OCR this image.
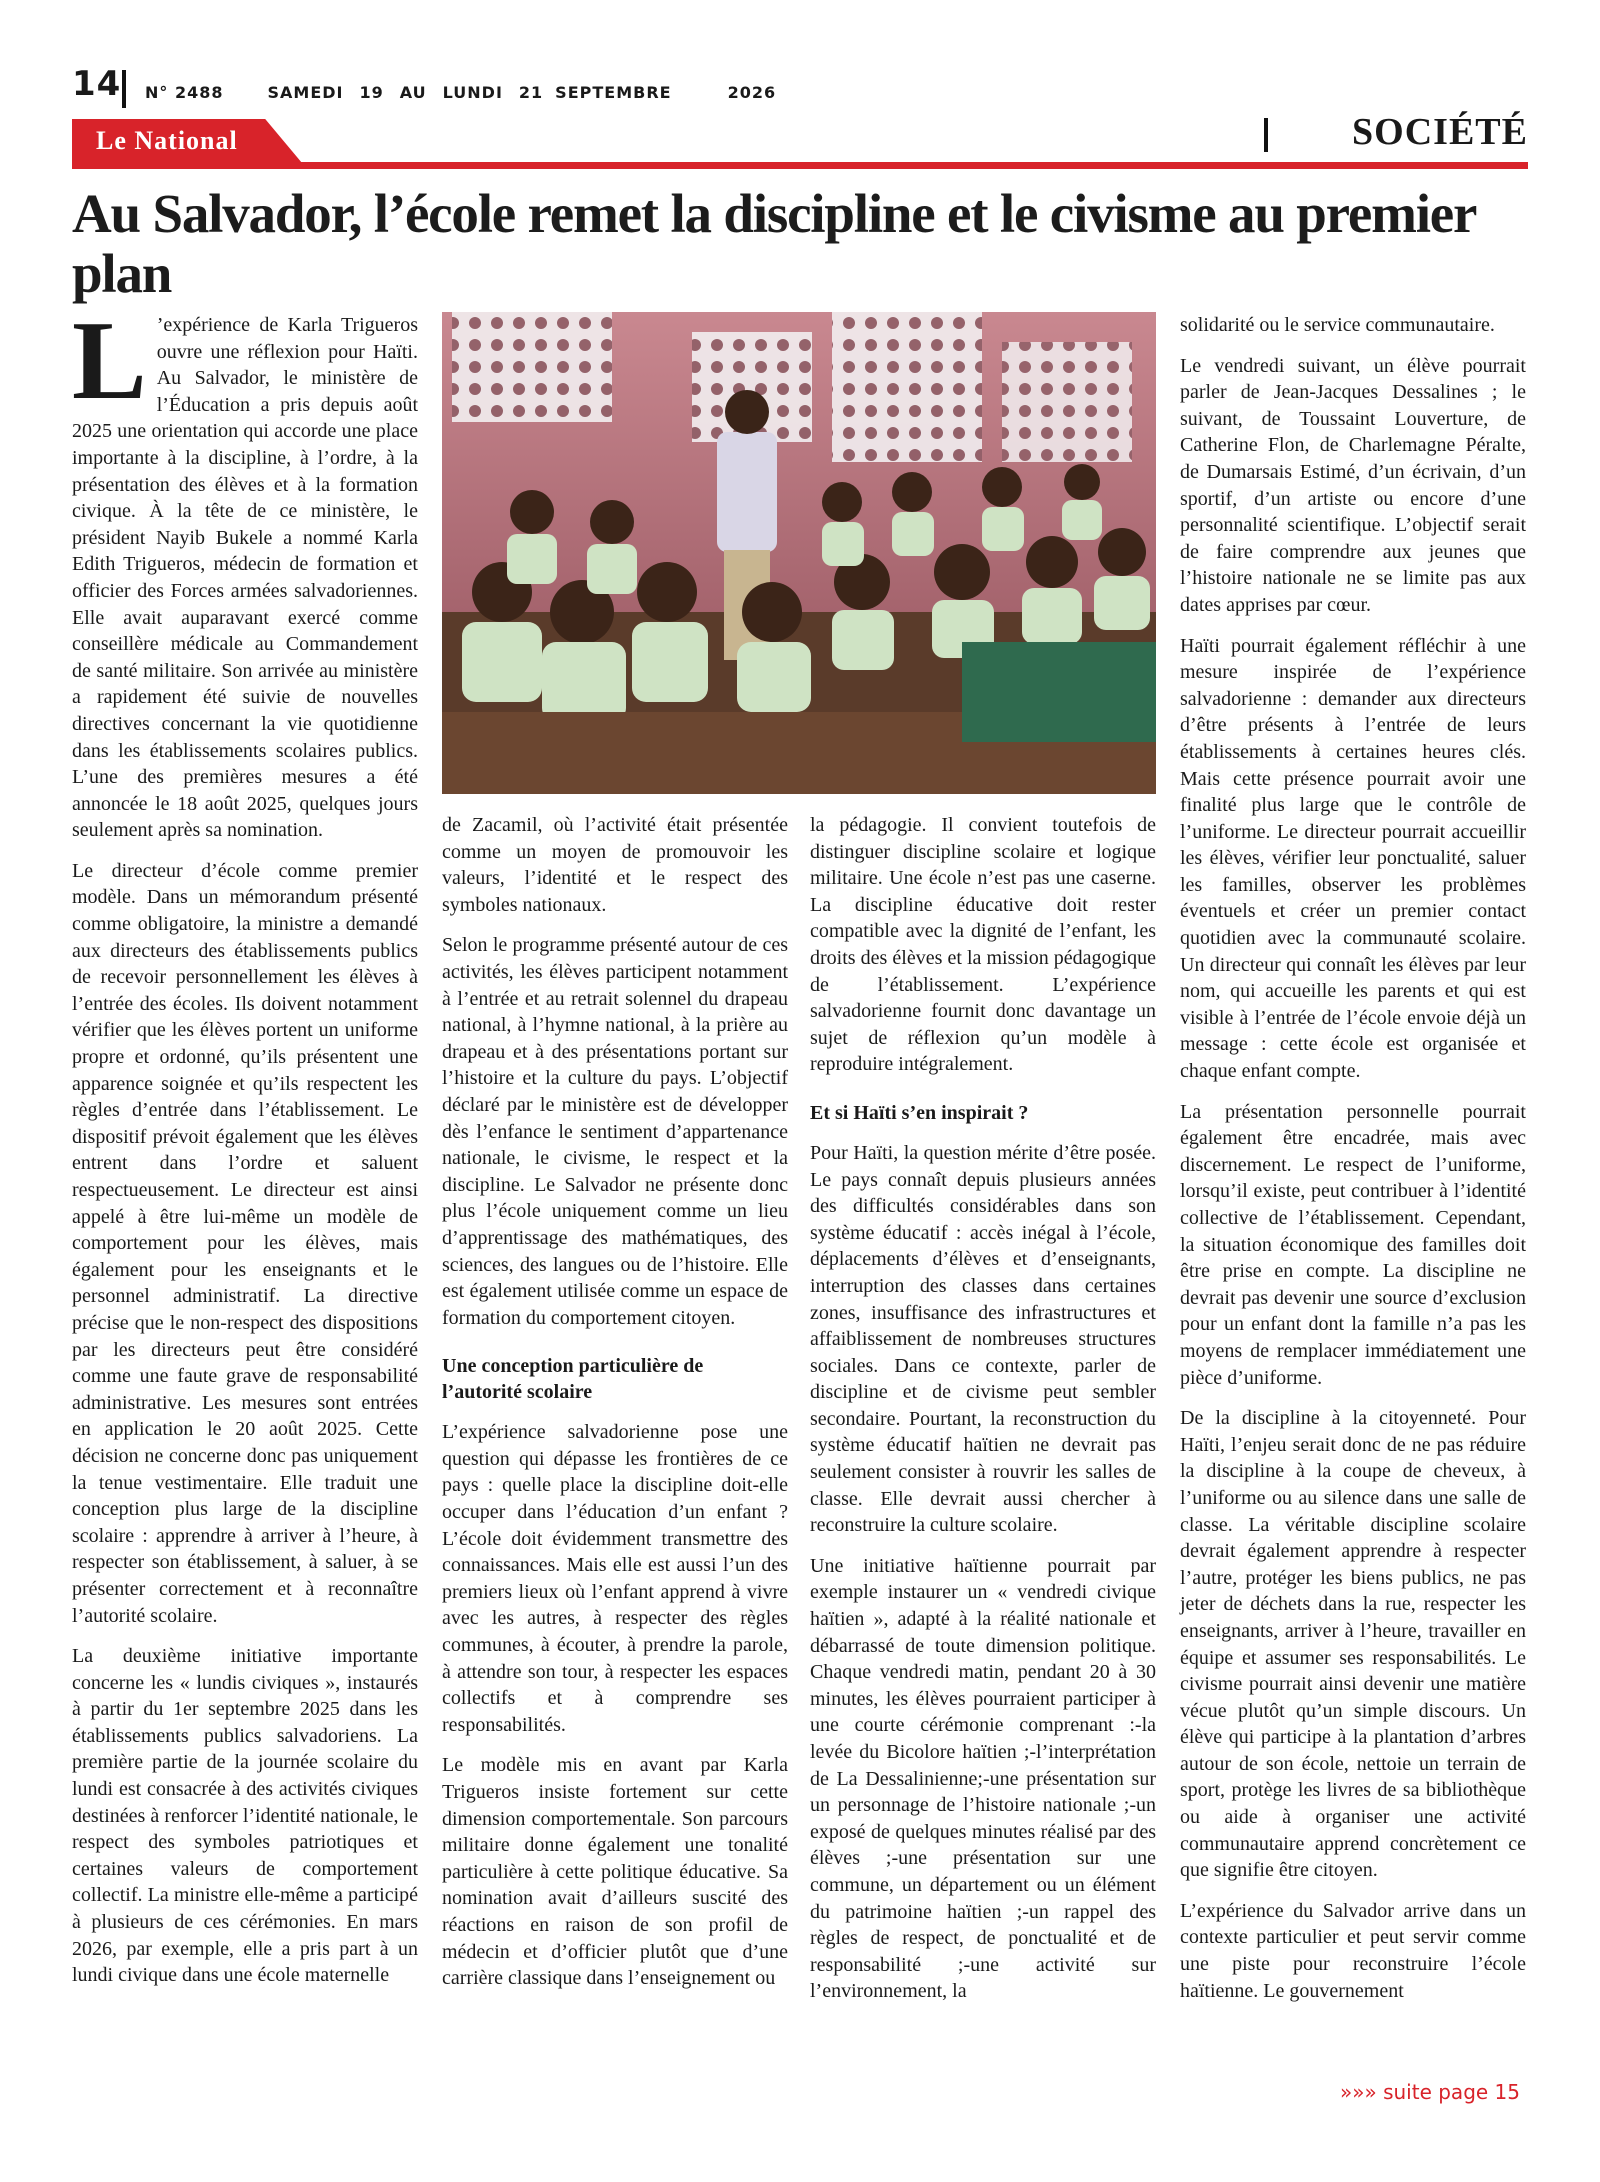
14 N° 2488	SAMEDI 19 AU LUNDI 21 SEPTEMBRE	2026
Le National	SOCIÉTÉ
Au Salvador, l’école remet la discipline et le civisme au premier plan

L ’expérience de Karla Trigueros ouvre une réflexion pour Haïti. Au Salvador, le ministère de l’Éducation a pris depuis août 2025 une orientation qui accorde une place importante à la discipline, à l’ordre, à la présentation des élèves et à la formation civique. À la tête de ce ministère, le président Nayib Bukele a nommé Karla Edith Trigueros, médecin de formation et officier des Forces armées salvadoriennes. Elle avait auparavant exercé comme conseillère médicale au Commandement de santé militaire. Son arrivée au ministère a rapidement été suivie de nouvelles directives concernant la vie quotidienne dans les établissements scolaires publics. L’une des premières mesures a été annoncée le 18 août 2025, quelques jours seulement après sa nomination.

Le directeur d’école comme premier modèle. Dans un mémorandum présenté comme obligatoire, la ministre a demandé aux directeurs des établissements publics de recevoir personnellement les élèves à l’entrée des écoles. Ils doivent notamment vérifier que les élèves portent un uniforme propre et ordonné, qu’ils présentent une apparence soignée et qu’ils respectent les règles d’entrée dans l’établissement. Le dispositif prévoit également que les élèves entrent dans l’ordre et saluent respectueusement. Le directeur est ainsi appelé à être lui-même un modèle de comportement pour les élèves, mais également pour les enseignants et le personnel administratif. La directive précise que le non-respect des dispositions par les directeurs peut être considéré comme une faute grave de responsabilité administrative. Les mesures sont entrées en application le 20 août 2025. Cette décision ne concerne donc pas uniquement la tenue vestimentaire. Elle traduit une conception plus large de la discipline scolaire : apprendre à arriver à l’heure, à respecter son établissement, à saluer, à se présenter correctement et à reconnaître l’autorité scolaire.

La deuxième initiative importante concerne les « lundis civiques », instaurés à partir du 1er septembre 2025 dans les établissements publics salvadoriens. La première partie de la journée scolaire du lundi est consacrée à des activités civiques destinées à renforcer l’identité nationale, le respect des symboles patriotiques et certaines valeurs de comportement collectif. La ministre elle-même a participé à plusieurs de ces cérémonies. En mars 2026, par exemple, elle a pris part à un lundi civique dans une école maternelle

de Zacamil, où l’activité était présentée comme un moyen de promouvoir les valeurs, l’identité et le respect des symboles nationaux.

Selon le programme présenté autour de ces activités, les élèves participent notamment à l’entrée et au retrait solennel du drapeau national, à l’hymne national, à la prière au drapeau et à des présentations portant sur l’histoire et la culture du pays. L’objectif déclaré par le ministère est de développer dès l’enfance le sentiment d’appartenance nationale, le civisme, le respect et la discipline. Le Salvador ne présente donc plus l’école uniquement comme un lieu d’apprentissage des mathématiques, des sciences, des langues ou de l’histoire. Elle est également utilisée comme un espace de formation du comportement citoyen.

Une conception particulière de l’autorité scolaire

L’expérience salvadorienne pose une question qui dépasse les frontières de ce pays : quelle place la discipline doit-elle occuper dans l’éducation d’un enfant ? L’école doit évidemment transmettre des connaissances. Mais elle est aussi l’un des premiers lieux où l’enfant apprend à vivre avec les autres, à respecter des règles communes, à écouter, à prendre la parole, à attendre son tour, à respecter les espaces collectifs et à comprendre ses responsabilités.

Le modèle mis en avant par Karla Trigueros insiste fortement sur cette dimension comportementale. Son parcours militaire donne également une tonalité particulière à cette politique éducative. Sa nomination avait d’ailleurs suscité des réactions en raison de son profil de médecin et d’officier plutôt que d’une carrière classique dans l’enseignement ou

la pédagogie. Il convient toutefois de distinguer discipline scolaire et logique militaire. Une école n’est pas une caserne. La discipline éducative doit rester compatible avec la dignité de l’enfant, les droits des élèves et la mission pédagogique de l’établissement. L’expérience salvadorienne fournit donc davantage un sujet de réflexion qu’un modèle à reproduire intégralement.

Et si Haïti s’en inspirait ?

Pour Haïti, la question mérite d’être posée. Le pays connaît depuis plusieurs années des difficultés considérables dans son système éducatif : accès inégal à l’école, déplacements d’élèves et d’enseignants, interruption des classes dans certaines zones, insuffisance des infrastructures et affaiblissement de nombreuses structures sociales. Dans ce contexte, parler de discipline et de civisme peut sembler secondaire. Pourtant, la reconstruction du système éducatif haïtien ne devrait pas seulement consister à rouvrir les salles de classe. Elle devrait aussi chercher à reconstruire la culture scolaire.

Une initiative haïtienne pourrait par exemple instaurer un « vendredi civique haïtien », adapté à la réalité nationale et débarrassé de toute dimension politique. Chaque vendredi matin, pendant 20 à 30 minutes, les élèves pourraient participer à une courte cérémonie comprenant :-la levée du Bicolore haïtien ;-l’interprétation de La Dessalinienne;-une présentation sur un personnage de l’histoire nationale ;-un exposé de quelques minutes réalisé par des élèves ;-une présentation sur une commune, un département ou un élément du patrimoine haïtien ;-un rappel des règles de respect, de ponctualité et de responsabilité ;-une activité sur l’environnement, la

solidarité ou le service communautaire.

Le vendredi suivant, un élève pourrait parler de Jean-Jacques Dessalines ; le suivant, de Toussaint Louverture, de Catherine Flon, de Charlemagne Péralte, de Dumarsais Estimé, d’un écrivain, d’un sportif, d’un artiste ou encore d’une personnalité scientifique. L’objectif serait de faire comprendre aux jeunes que l’histoire nationale ne se limite pas aux dates apprises par cœur.

Haïti pourrait également réfléchir à une mesure inspirée de l’expérience salvadorienne : demander aux directeurs d’être présents à l’entrée de leurs établissements à certaines heures clés. Mais cette présence pourrait avoir une finalité plus large que le contrôle de l’uniforme. Le directeur pourrait accueillir les élèves, vérifier leur ponctualité, saluer les familles, observer les problèmes éventuels et créer un premier contact quotidien avec la communauté scolaire. Un directeur qui connaît les élèves par leur nom, qui accueille les parents et qui est visible à l’entrée de l’école envoie déjà un message : cette école est organisée et chaque enfant compte.

La présentation personnelle pourrait également être encadrée, mais avec discernement. Le respect de l’uniforme, lorsqu’il existe, peut contribuer à l’identité collective de l’établissement. Cependant, la situation économique des familles doit être prise en compte. La discipline ne devrait pas devenir une source d’exclusion pour un enfant dont la famille n’a pas les moyens de remplacer immédiatement une pièce d’uniforme.

De la discipline à la citoyenneté. Pour Haïti, l’enjeu serait donc de ne pas réduire la discipline à la coupe de cheveux, à l’uniforme ou au silence dans une salle de classe. La véritable discipline scolaire devrait également apprendre à respecter l’autre, protéger les biens publics, ne pas jeter de déchets dans la rue, respecter les enseignants, arriver à l’heure, travailler en équipe et assumer ses responsabilités. Le civisme pourrait ainsi devenir une matière vécue plutôt qu’un simple discours. Un élève qui participe à la plantation d’arbres autour de son école, nettoie un terrain de sport, protège les livres de sa bibliothèque ou aide à organiser une activité communautaire apprend concrètement ce que signifie être citoyen.

L’expérience du Salvador arrive dans un contexte particulier et peut servir comme une piste pour reconstruire l’école haïtienne. Le gouvernement

»»» suite page 15
